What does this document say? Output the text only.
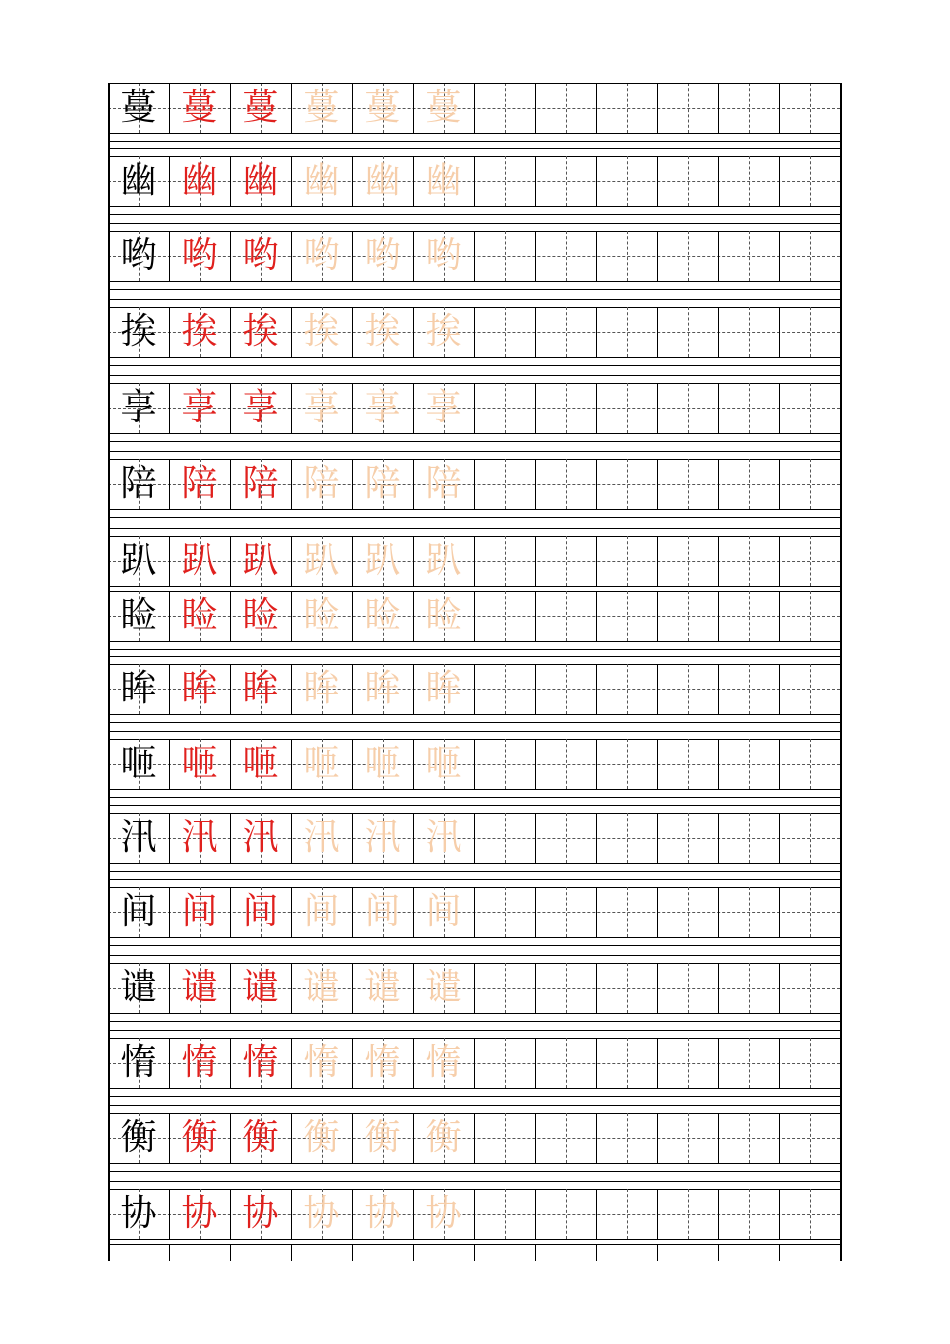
蔓 蔓 蔓 蔓 蔓 蔓
幽 幽 幽 幽 幽 幽
哟 哟 哟 哟 哟 哟
挨 挨 挨 挨 挨 挨
享 享 享 享 享 享
陪 陪 陪 陪 陪 陪
趴 趴 趴 趴 趴 趴
睑 睑 睑 睑 睑 睑
眸 眸 眸 眸 眸 眸
咂 咂 咂 咂 咂 咂
汛 汛 汛 汛 汛 汛
间 间 间 间 间 间
谴 谴 谴 谴 谴 谴
惰 惰 惰 惰 惰 惰
衡 衡 衡 衡 衡 衡
协 协 协 协 协 协
